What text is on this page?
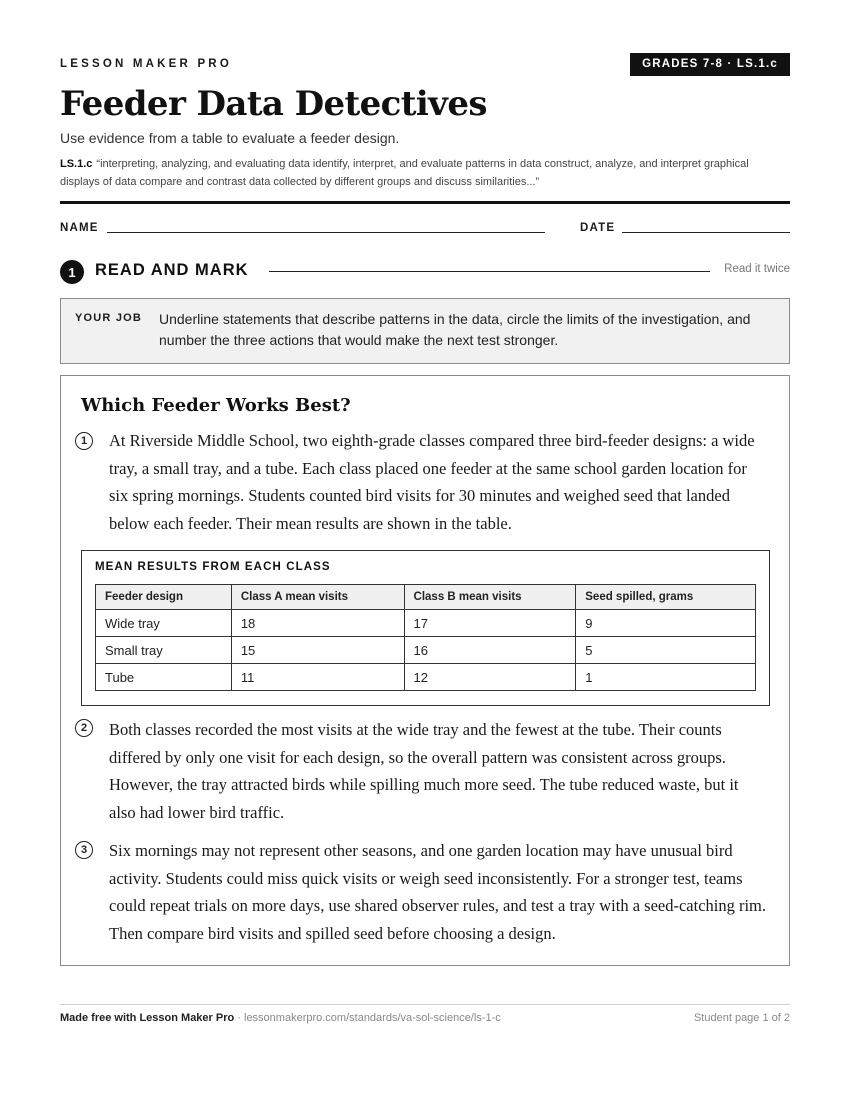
LESSON MAKER PRO	GRADES 7-8 · LS.1.c
Feeder Data Detectives
Use evidence from a table to evaluate a feeder design.
LS.1.c “interpreting, analyzing, and evaluating data identify, interpret, and evaluate patterns in data construct, analyze, and interpret graphical displays of data compare and contrast data collected by different groups and discuss similarities...”
NAME	DATE
1	READ AND MARK	Read it twice
YOUR JOB Underline statements that describe patterns in the data, circle the limits of the investigation, and number the three actions that would make the next test stronger.
Which Feeder Works Best?
1	At Riverside Middle School, two eighth-grade classes compared three bird-feeder designs: a wide tray, a small tray, and a tube. Each class placed one feeder at the same school garden location for six spring mornings. Students counted bird visits for 30 minutes and weighed seed that landed below each feeder. Their mean results are shown in the table.
MEAN RESULTS FROM EACH CLASS
Feeder design	Class A mean visits	Class B mean visits	Seed spilled, grams
Wide tray	18	17	9
Small tray	15	16	5
Tube	11	12	1
2	Both classes recorded the most visits at the wide tray and the fewest at the tube. Their counts differed by only one visit for each design, so the overall pattern was consistent across groups. However, the tray attracted birds while spilling much more seed. The tube reduced waste, but it also had lower bird traffic.
3	Six mornings may not represent other seasons, and one garden location may have unusual bird activity. Students could miss quick visits or weigh seed inconsistently. For a stronger test, teams could repeat trials on more days, use shared observer rules, and test a tray with a seed-catching rim. Then compare bird visits and spilled seed before choosing a design.
Made free with Lesson Maker Pro · lessonmakerpro.com/standards/va-sol-science/ls-1-c	Student page 1 of 2
